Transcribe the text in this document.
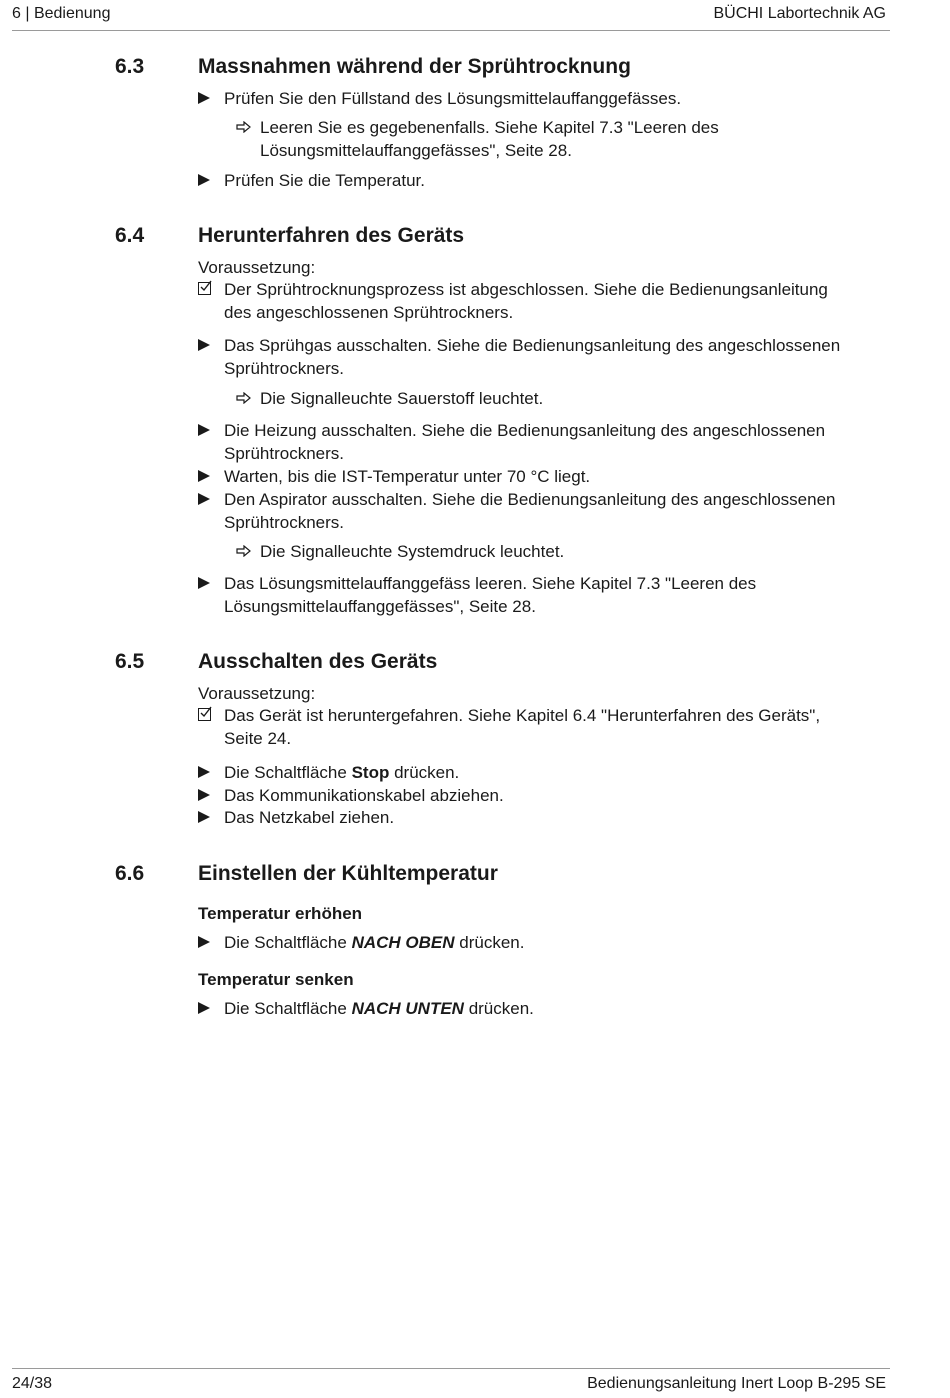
6 | Bedienung	BÜCHI Labortechnik AG
6.3	Massnahmen während der Sprühtrocknung
Prüfen Sie den Füllstand des Lösungsmittelauffanggefässes.
Leeren Sie es gegebenenfalls. Siehe Kapitel 7.3 "Leeren des
Lösungsmittelauffanggefässes", Seite 28.
Prüfen Sie die Temperatur.
6.4	Herunterfahren des Geräts
Voraussetzung:
Der Sprühtrocknungsprozess ist abgeschlossen. Siehe die Bedienungsanleitung
des angeschlossenen Sprühtrockners.
Das Sprühgas ausschalten. Siehe die Bedienungsanleitung des angeschlossenen
Sprühtrockners.
Die Signalleuchte Sauerstoff leuchtet.
Die Heizung ausschalten. Siehe die Bedienungsanleitung des angeschlossenen
Sprühtrockners.
Warten, bis die IST-Temperatur unter 70 °C liegt.
Den Aspirator ausschalten. Siehe die Bedienungsanleitung des angeschlossenen
Sprühtrockners.
Die Signalleuchte Systemdruck leuchtet.
Das Lösungsmittelauffanggefäss leeren. Siehe Kapitel 7.3 "Leeren des
Lösungsmittelauffanggefässes", Seite 28.
6.5	Ausschalten des Geräts
Voraussetzung:
Das Gerät ist heruntergefahren. Siehe Kapitel 6.4 "Herunterfahren des Geräts",
Seite 24.
Die Schaltfläche Stop drücken.
Das Kommunikationskabel abziehen.
Das Netzkabel ziehen.
6.6	Einstellen der Kühltemperatur
Temperatur erhöhen
Die Schaltfläche NACH OBEN drücken.
Temperatur senken
Die Schaltfläche NACH UNTEN drücken.
24/38	Bedienungsanleitung Inert Loop B-295 SE
